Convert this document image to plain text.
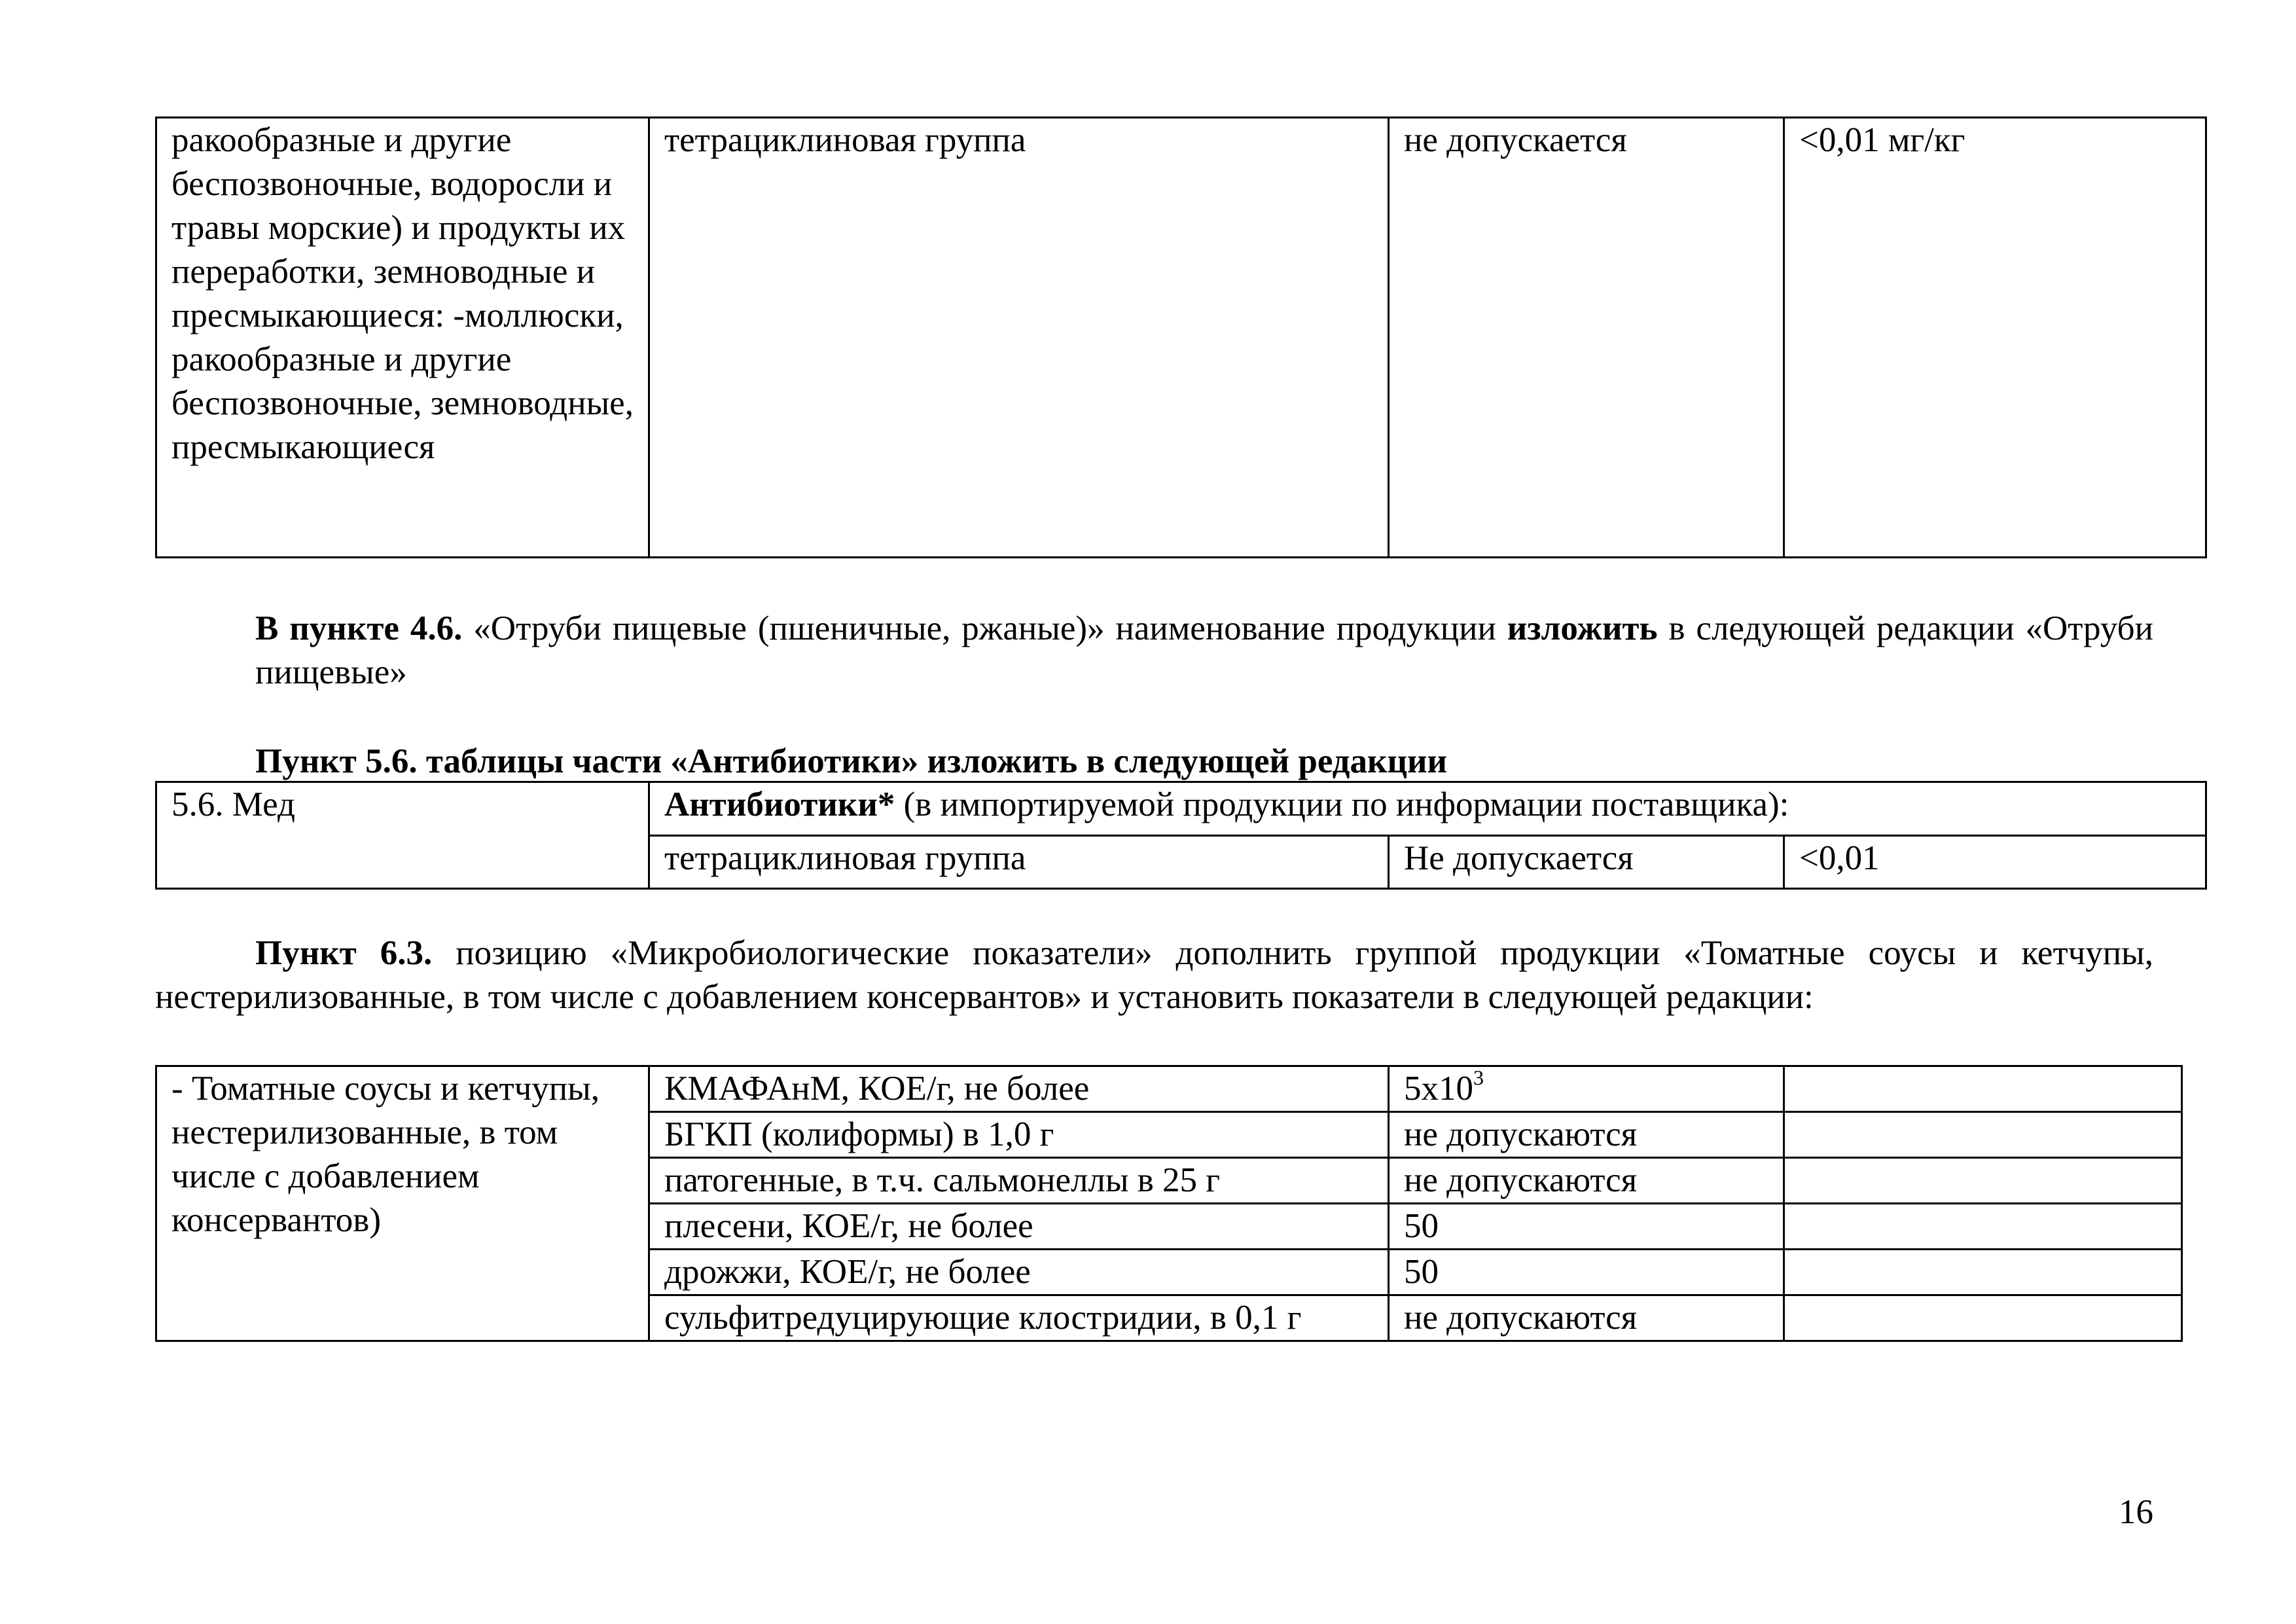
ракообразные и другие беспозвоночные, водоросли и травы морские) и продукты их переработки, земноводные и пресмыкающиеся: -моллюски, ракообразные и другие беспозвоночные, земноводные, пресмыкающиеся	тетрациклиновая группа	не допускается	<0,01 мг/кг

В пункте 4.6. «Отруби пищевые (пшеничные, ржаные)» наименование продукции изложить в следующей редакции «Отруби пищевые»

Пункт 5.6. таблицы части «Антибиотики» изложить в следующей редакции

5.6. Мед	Антибиотики* (в импортируемой продукции по информации поставщика):		
	тетрациклиновая группа	Не допускается	<0,01

Пункт 6.3. позицию «Микробиологические показатели» дополнить группой продукции «Томатные соусы и кетчупы, нестерилизованные, в том числе с добавлением консервантов» и установить показатели в следующей редакции:

- Томатные соусы и кетчупы, нестерилизованные, в том числе с добавлением консервантов)	КМАФАнМ, КОЕ/г, не более	$5х10^3$	
	БГКП (колиформы) в 1,0 г	не допускаются	
	патогенные, в т.ч. сальмонеллы в 25 г	не допускаются	
	плесени, КОЕ/г, не более	50	
	дрожжи, КОЕ/г, не более	50	
	сульфитредуцирующие клостридии, в 0,1 г	не допускаются	
16
